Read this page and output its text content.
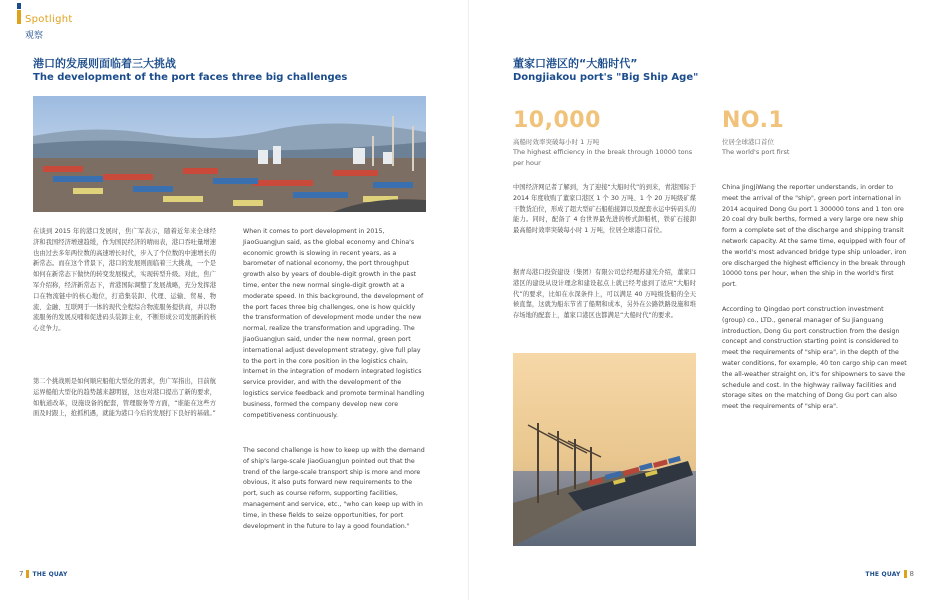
Spotlight
观察
港口的发展则面临着三大挑战
The development of the port faces three big challenges
在谈到 2015 年的港口发展时，焦广军表示，随着近年来全球经济和我国经济增速趋缓，作为国民经济的晴雨表，港口吞吐量增速也由过去多年两位数的高速增长时代，步入了个位数的中速增长的新常态。而在这个背景下，港口的发展则面临着三大挑战，一个是如何在新常态下做快的转变发展模式，实现转型升级。对此，焦广军介绍称，经济新常态下，青港国际调整了发展战略，充分发挥港口在物流链中的核心地位，打造集装卸、代理、运输、贸易、物流、金融、互联网于一体的现代全程综合物流服务提供商，并以物流服务的发展反哺和促进码头装卸主业，不断形成公司发展新的核心竞争力。
第二个挑战则是如何顺应船舶大型化的需求，焦广军指出，目前航运界船舶大型化的趋势越来越明显，这也对港口提出了新的要求，如航道改革，设施设备的配套，管理服务等方面，“谁能在这些方面及时跟上，抢抓机遇，就能为港口今后的发展打下良好的基础。”
When it comes to port development in 2015, JiaoGuangJun said, as the global economy and China's economic growth is slowing in recent years, as a barometer of national economy, the port throughput growth also by years of double-digit growth in the past time, enter the new normal single-digit growth at a moderate speed. In this background, the development of the port faces three big challenges, one is how quickly the transformation of development mode under the new normal, realize the transformation and upgrading. The JiaoGuangJun said, under the new normal, green port international adjust development strategy, give full play to the port in the core position in the logistics chain, Internet in the integration of modern integrated logistics service provider, and with the development of the logistics service feedback and promote terminal handling business, formed the company develop new core competitiveness continuously.
The second challenge is how to keep up with the demand of ship's large-scale JiaoGuangJun pointed out that the trend of the large-scale transport ship is more and more obvious, it also puts forward new requirements to the port, such as course reform, supporting facilities, management and service, etc., "who can keep up with in time, in these fields to seize opportunities, for port development in the future to lay a good foundation."
7 THE QUAY
董家口港区的“大船时代”
Dongjiakou port's "Big Ship Age"
10,000
高船时效率突破每小时 1 万吨
The highest efficiency in the break through 10000 tons per hour
NO.1
位居全球港口首位
The world's port first
中国经济网记者了解到，为了迎接“大船时代”的到来，青港国际于 2014 年度收购了董家口港区 1 个 30 万吨、1 个 20 万吨级矿煤干散货泊位，形成了超大型矿石船舶接卸以及配套水运中转码头的能力。同时，配备了 4 台世界最先进的桥式卸船机，铁矿石接卸最高船时效率突破每小时 1 万吨，位居全球港口首位。
据青岛港口投资建设（集团）有限公司总经理苏建光介绍，董家口港区的建设从设计理念和建设起点上就已经考虑到了适应“大船时代”的要求，比如在水深条件上，可以满足 40 万吨级货船的全天候直靠，这就为船东节省了船期和成本，另外在公路铁路设施和堆存场地的配套上，董家口港区也都满足“大船时代”的要求。
China JingJiWang the reporter understands, in order to meet the arrival of the "ship", green port international in 2014 acquired Dong Gu port 1 300000 tons and 1 ton ore 20 coal dry bulk berths, formed a very large ore new ship form a complete set of the discharge and shipping transit network capacity. At the same time, equipped with four of the world's most advanced bridge type ship unloader, iron ore discharged the highest efficiency in the break through 10000 tons per hour, when the ship in the world's first port.
According to Qingdao port construction investment (group) co., LTD., general manager of Su Jianguang introduction, Dong Gu port construction from the design concept and construction starting point is considered to meet the requirements of "ship era", in the depth of the water conditions, for example, 40 ton cargo ship can meet the all-weather straight on, it's for shipowners to save the schedule and cost. In the highway railway facilities and storage sites on the matching of Dong Gu port can also meet the requirements of "ship era".
THE QUAY 8
